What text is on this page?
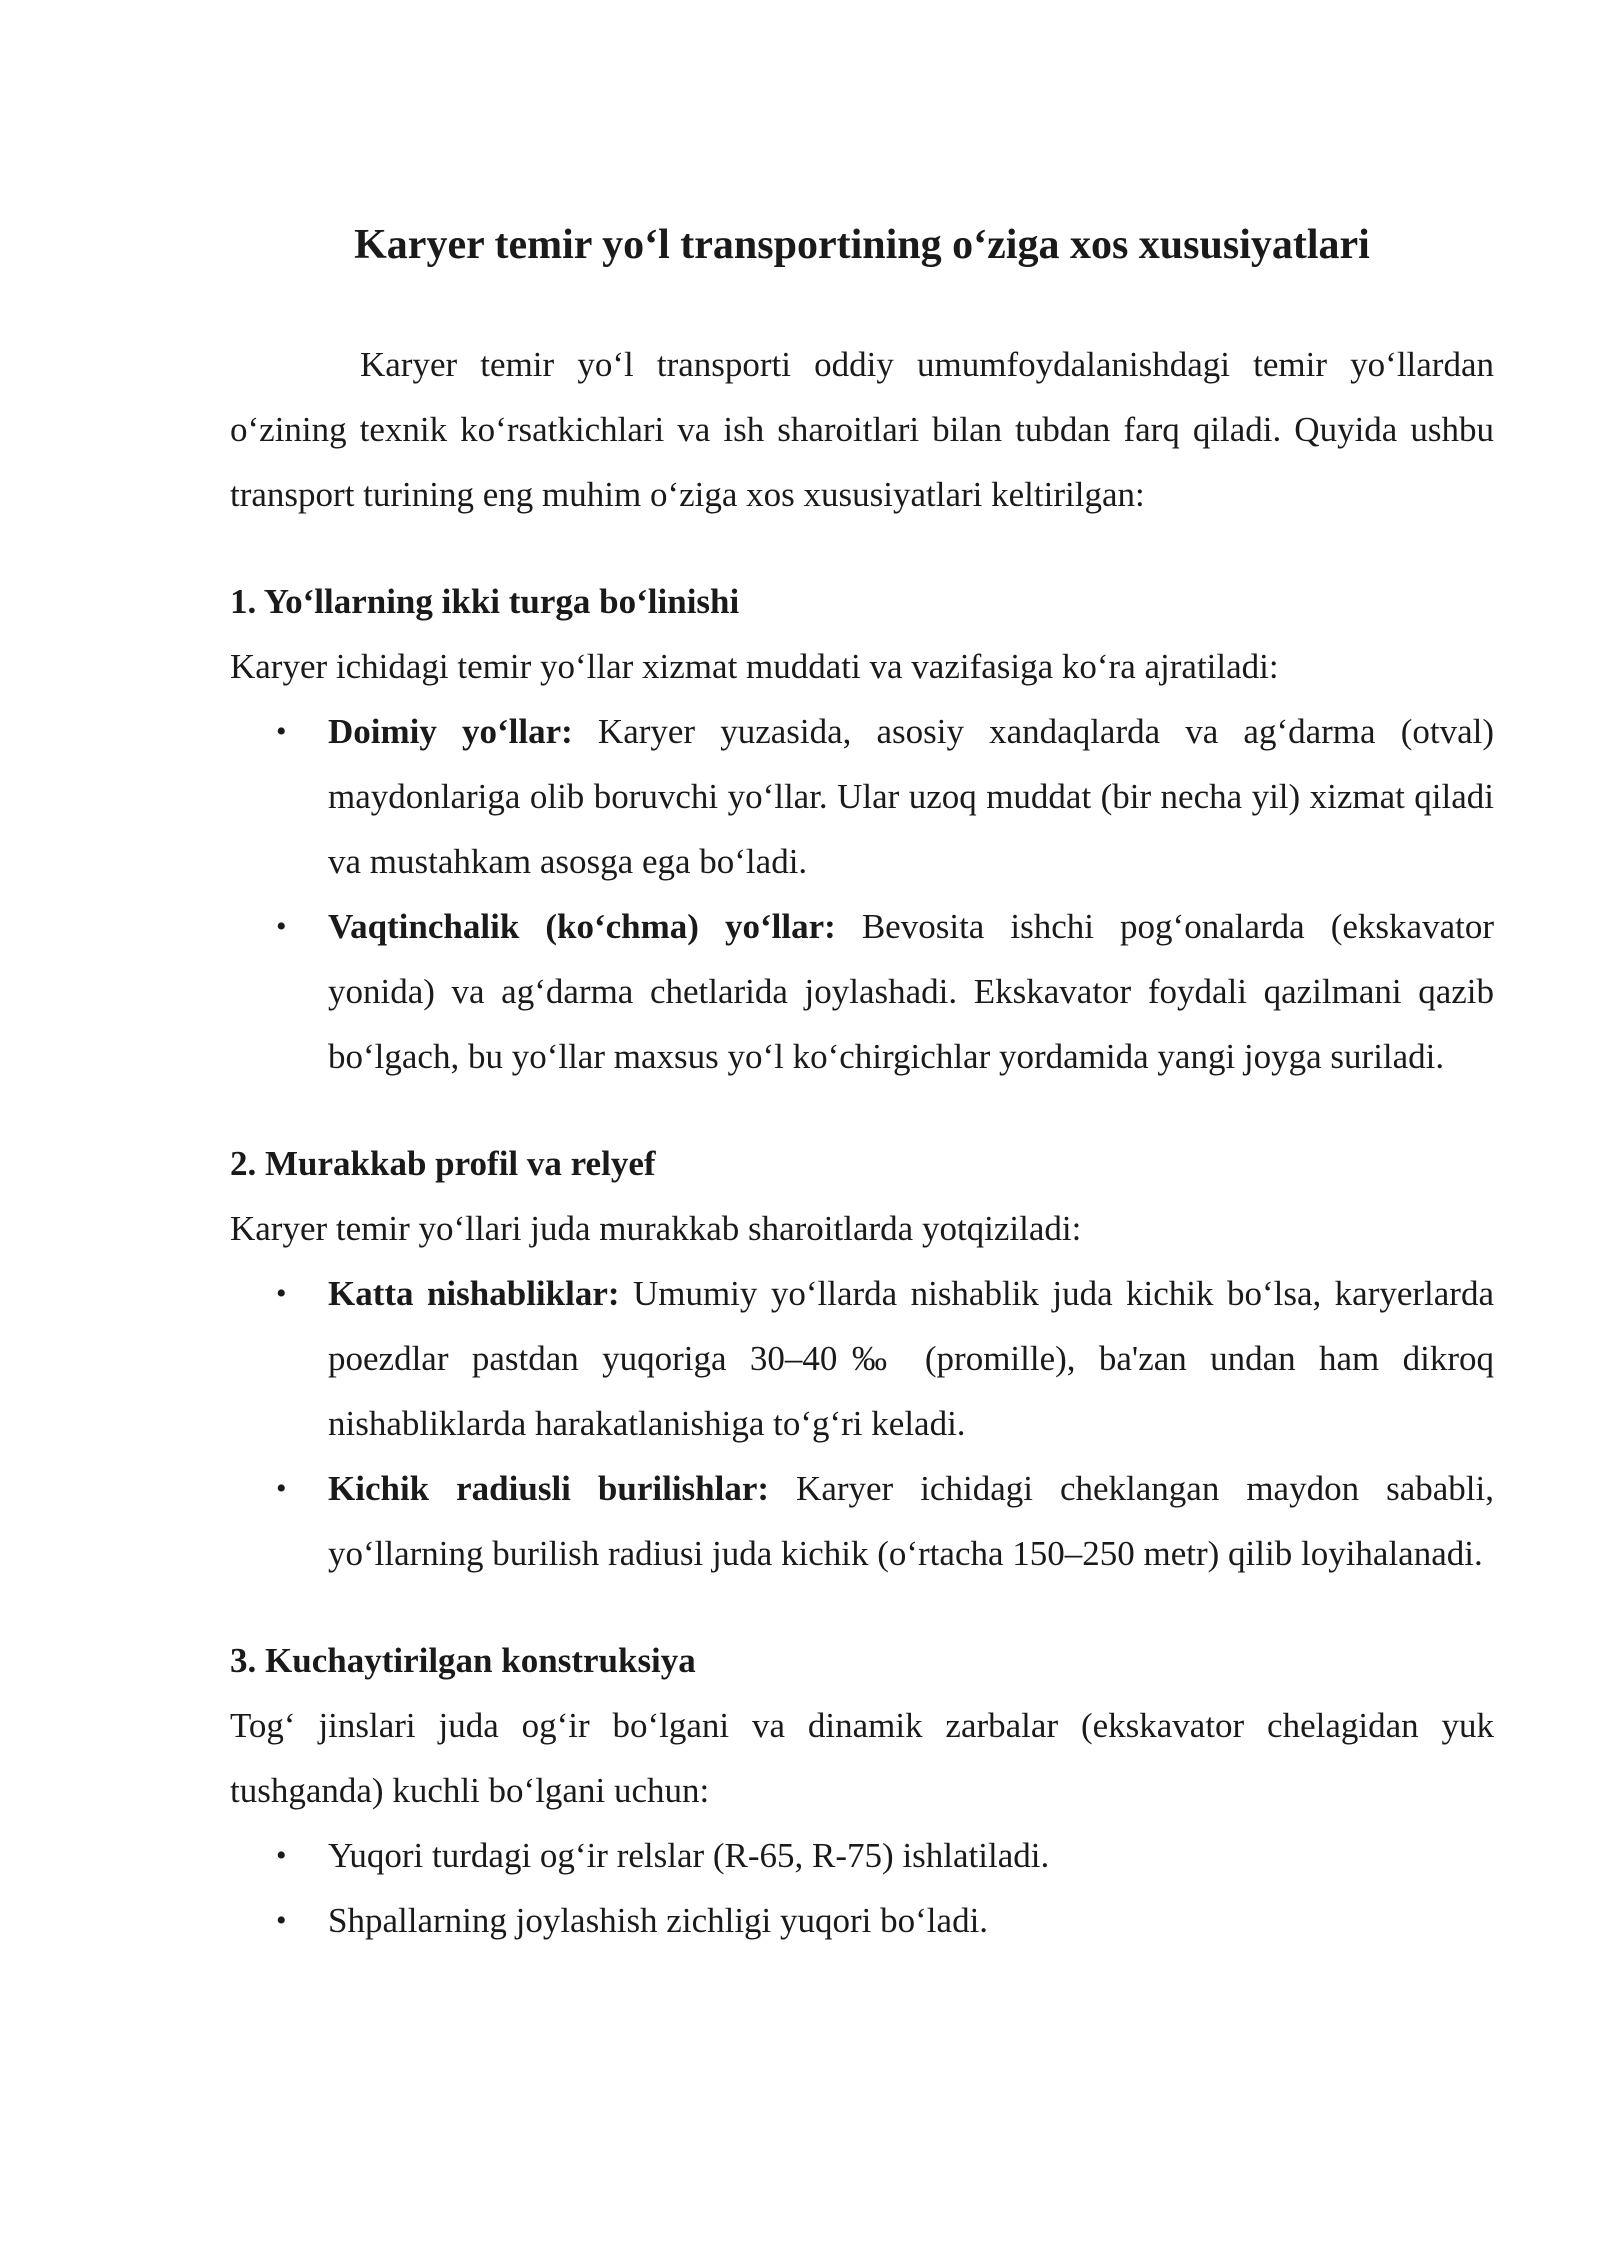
Karyer temir yo‘l transportining o‘ziga xos xususiyatlari

Karyer temir yo‘l transporti oddiy umumfoydalanishdagi temir yo‘llardan o‘zining texnik ko‘rsatkichlari va ish sharoitlari bilan tubdan farq qiladi. Quyida ushbu transport turining eng muhim o‘ziga xos xususiyatlari keltirilgan:

1. Yo‘llarning ikki turga bo‘linishi

Karyer ichidagi temir yo‘llar xizmat muddati va vazifasiga ko‘ra ajratiladi:

• Doimiy yo‘llar: Karyer yuzasida, asosiy xandaqlarda va ag‘darma (otval) maydonlariga olib boruvchi yo‘llar. Ular uzoq muddat (bir necha yil) xizmat qiladi va mustahkam asosga ega bo‘ladi.
• Vaqtinchalik (ko‘chma) yo‘llar: Bevosita ishchi pog‘onalarda (ekskavator yonida) va ag‘darma chetlarida joylashadi. Ekskavator foydali qazilmani qazib bo‘lgach, bu yo‘llar maxsus yo‘l ko‘chirgichlar yordamida yangi joyga suriladi.
2. Murakkab profil va relyef

Karyer temir yo‘llari juda murakkab sharoitlarda yotqiziladi:

• Katta nishabliklar: Umumiy yo‘llarda nishablik juda kichik bo‘lsa, karyerlarda poezdlar pastdan yuqoriga 30–40‰ (promille), ba'zan undan ham dikroq nishabliklarda harakatlanishiga to‘g‘ri keladi.
• Kichik radiusli burilishlar: Karyer ichidagi cheklangan maydon sababli, yo‘llarning burilish radiusi juda kichik (o‘rtacha 150–250 metr) qilib loyihalanadi.
3. Kuchaytirilgan konstruksiya

Tog‘ jinslari juda og‘ir bo‘lgani va dinamik zarbalar (ekskavator chelagidan yuk tushganda) kuchli bo‘lgani uchun:

• Yuqori turdagi og‘ir relslar (R-65, R-75) ishlatiladi.
• Shpallarning joylashish zichligi yuqori bo‘ladi.
